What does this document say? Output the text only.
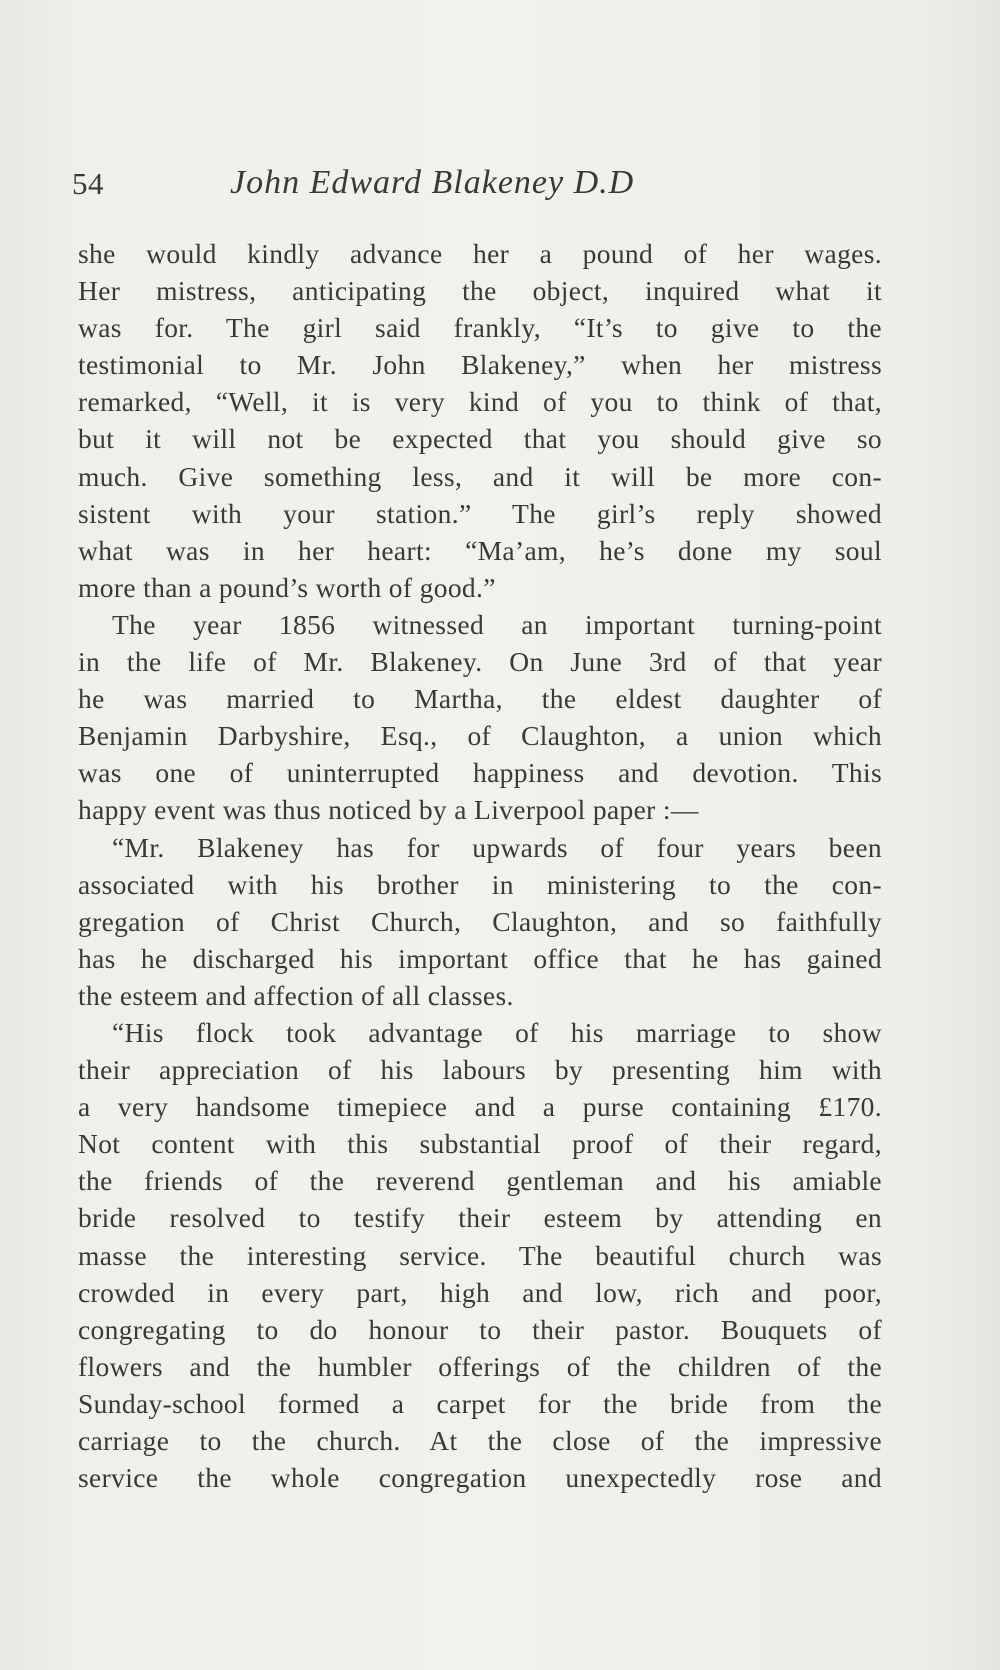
54	John Edward Blakeney D.D
she would kindly advance her a pound of her wages.
Her mistress, anticipating the object, inquired what it
was for. The girl said frankly, “It’s to give to the
testimonial to Mr. John Blakeney,” when her mistress
remarked, “Well, it is very kind of you to think of that,
but it will not be expected that you should give so
much. Give something less, and it will be more con-
sistent with your station.” The girl’s reply showed
what was in her heart: “Ma’am, he’s done my soul
more than a pound’s worth of good.”
The year 1856 witnessed an important turning-point
in the life of Mr. Blakeney. On June 3rd of that year
he was married to Martha, the eldest daughter of
Benjamin Darbyshire, Esq., of Claughton, a union which
was one of uninterrupted happiness and devotion. This
happy event was thus noticed by a Liverpool paper :—
“Mr. Blakeney has for upwards of four years been
associated with his brother in ministering to the con-
gregation of Christ Church, Claughton, and so faithfully
has he discharged his important office that he has gained
the esteem and affection of all classes.
“His flock took advantage of his marriage to show
their appreciation of his labours by presenting him with
a very handsome timepiece and a purse containing £170.
Not content with this substantial proof of their regard,
the friends of the reverend gentleman and his amiable
bride resolved to testify their esteem by attending en
masse the interesting service. The beautiful church was
crowded in every part, high and low, rich and poor,
congregating to do honour to their pastor. Bouquets of
flowers and the humbler offerings of the children of the
Sunday-school formed a carpet for the bride from the
carriage to the church. At the close of the impressive
service the whole congregation unexpectedly rose and
